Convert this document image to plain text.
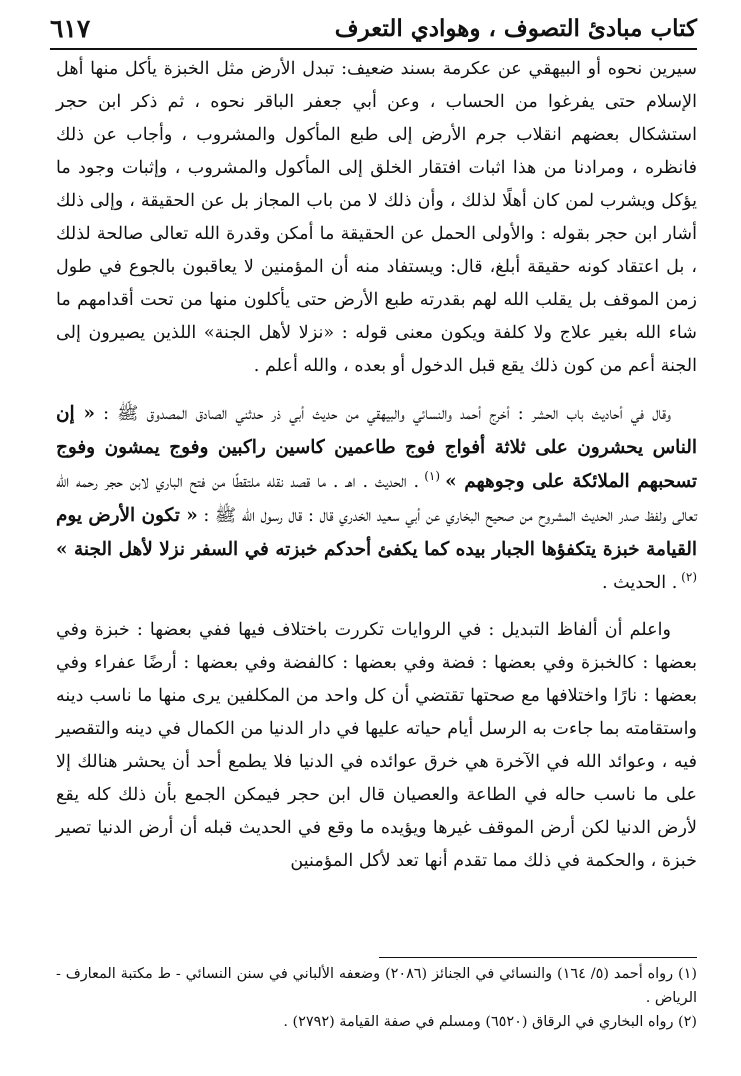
كتاب مبادئ التصوف ، وهوادي التعرف
٦١٧

سيرين نحوه أو البيهقي عن عكرمة بسند ضعيف: تبدل الأرض مثل الخبزة يأكل منها أهل الإسلام حتى يفرغوا من الحساب ، وعن أبي جعفر الباقر نحوه ، ثم ذكر ابن حجر استشكال بعضهم انقلاب جرم الأرض إلى طبع المأكول والمشروب ، وأجاب عن ذلك فانظره ، ومرادنا من هذا اثبات افتقار الخلق إلى المأكول والمشروب ، وإثبات وجود ما يؤكل ويشرب لمن كان أهلًا لذلك ، وأن ذلك لا من باب المجاز بل عن الحقيقة ، وإلى ذلك أشار ابن حجر بقوله : والأولى الحمل عن الحقيقة ما أمكن وقدرة الله تعالى صالحة لذلك ، بل اعتقاد كونه حقيقة أبلغ، قال: ويستفاد منه أن المؤمنين لا يعاقبون بالجوع في طول زمن الموقف بل يقلب الله لهم بقدرته طبع الأرض حتى يأكلون منها من تحت أقدامهم ما شاء الله بغير علاج ولا كلفة ويكون معنى قوله : «نزلا لأهل الجنة» اللذين يصيرون إلى الجنة أعم من كون ذلك يقع قبل الدخول أو بعده ، والله أعلم .

وقال في أحاديث باب الحشر : أخرج أحمد والنسائي والبيهقي من حديث أبي ذر حدثني الصادق المصدوق ﷺ : « إن الناس يحشرون على ثلاثة أفواج فوج طاعمين كاسين راكبين وفوج يمشون وفوج تسحبهم الملائكة على وجوههم » $^{(١)}$ . الحديث . اهـ . ما قصد نقله ملتقطًا من فتح الباري لابن حجر رحمه الله تعالى ولفظ صدر الحديث المشروح من صحيح البخاري عن أبي سعيد الخدري قال : قال رسول الله ﷺ : « تكون الأرض يوم القيامة خبزة يتكفؤها الجبار بيده كما يكفئ أحدكم خبزته في السفر نزلا لأهل الجنة » $^{(٢)}$ . الحديث .

واعلم أن ألفاظ التبديل : في الروايات تكررت باختلاف فيها ففي بعضها : خبزة وفي بعضها : كالخبزة وفي بعضها : فضة وفي بعضها : كالفضة وفي بعضها : أرضًا عفراء وفي بعضها : نارًا واختلافها مع صحتها تقتضي أن كل واحد من المكلفين يرى منها ما ناسب دينه واستقامته بما جاءت به الرسل أيام حياته عليها في دار الدنيا من الكمال في دينه والتقصير فيه ، وعوائد الله في الآخرة هي خرق عوائده في الدنيا فلا يطمع أحد أن يحشر هنالك إلا على ما ناسب حاله في الطاعة والعصيان قال ابن حجر فيمكن الجمع بأن ذلك كله يقع لأرض الدنيا لكن أرض الموقف غيرها ويؤيده ما وقع في الحديث قبله أن أرض الدنيا تصير خبزة ، والحكمة في ذلك مما تقدم أنها تعد لأكل المؤمنين

(١) رواه أحمد (٥/ ١٦٤) والنسائي في الجنائز (٢٠٨٦) وضعفه الألباني في سنن النسائي - ط مكتبة المعارف - الرياض .

(٢) رواه البخاري في الرقاق (٦٥٢٠) ومسلم في صفة القيامة (٢٧٩٢) .
